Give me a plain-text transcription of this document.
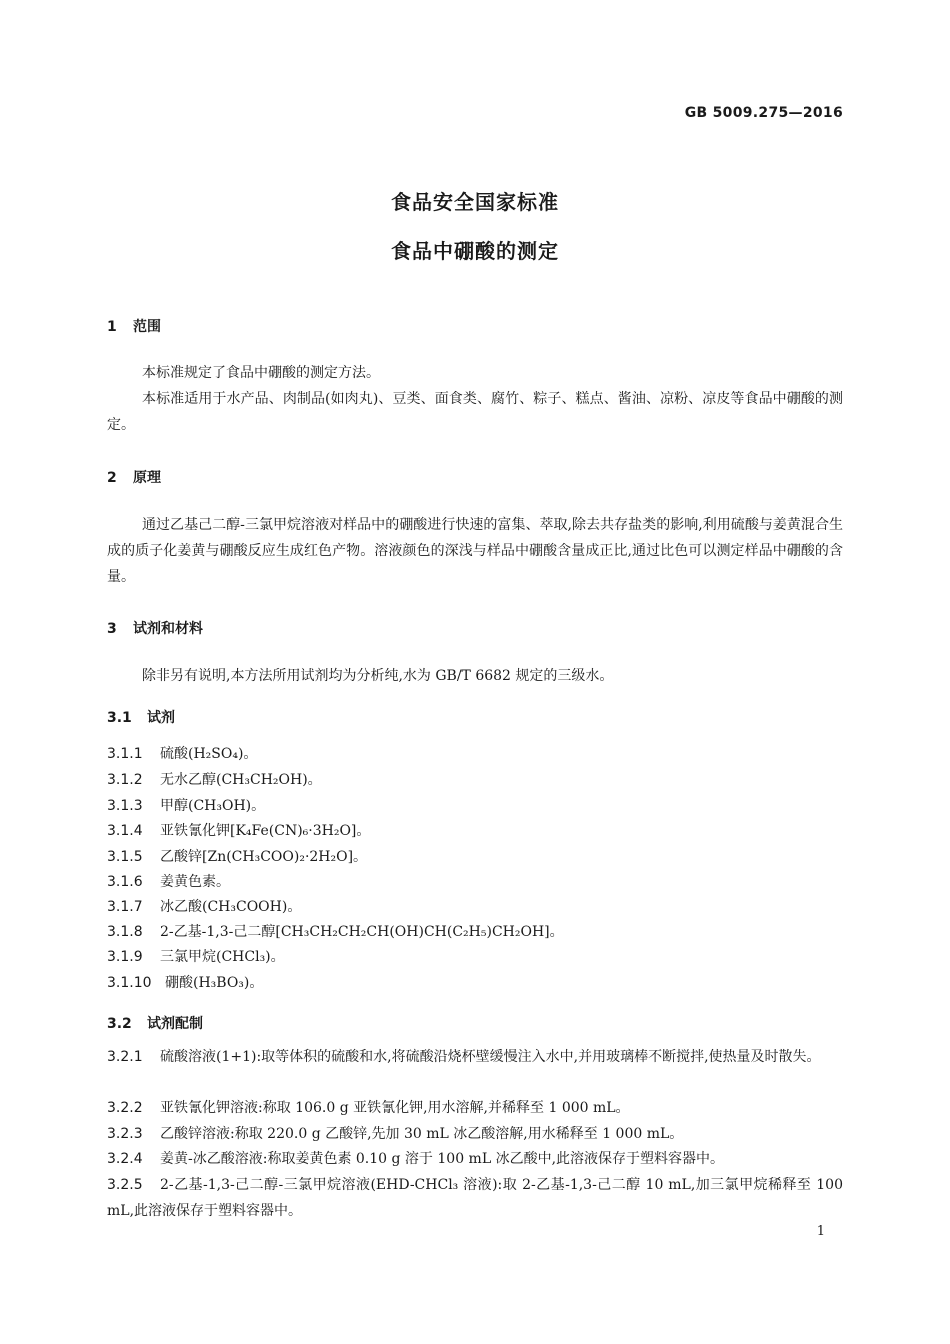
GB 5009.275—2016
食品安全国家标准
食品中硼酸的测定
1 范围
本标准规定了食品中硼酸的测定方法。
本标准适用于水产品、肉制品(如肉丸)、豆类、面食类、腐竹、粽子、糕点、酱油、凉粉、凉皮等食品中硼酸的测定。
2 原理
通过乙基己二醇-三氯甲烷溶液对样品中的硼酸进行快速的富集、萃取,除去共存盐类的影响,利用硫酸与姜黄混合生成的质子化姜黄与硼酸反应生成红色产物。溶液颜色的深浅与样品中硼酸含量成正比,通过比色可以测定样品中硼酸的含量。
3 试剂和材料
除非另有说明,本方法所用试剂均为分析纯,水为 GB/T 6682 规定的三级水。
3.1 试剂
3.1.1 硫酸(H₂SO₄)。
3.1.2 无水乙醇(CH₃CH₂OH)。
3.1.3 甲醇(CH₃OH)。
3.1.4 亚铁氰化钾[K₄Fe(CN)₆·3H₂O]。
3.1.5 乙酸锌[Zn(CH₃COO)₂·2H₂O]。
3.1.6 姜黄色素。
3.1.7 冰乙酸(CH₃COOH)。
3.1.8 2-乙基-1,3-己二醇[CH₃CH₂CH₂CH(OH)CH(C₂H₅)CH₂OH]。
3.1.9 三氯甲烷(CHCl₃)。
3.1.10 硼酸(H₃BO₃)。
3.2 试剂配制
3.2.1 硫酸溶液(1+1):取等体积的硫酸和水,将硫酸沿烧杯壁缓慢注入水中,并用玻璃棒不断搅拌,使热量及时散失。
3.2.2 亚铁氰化钾溶液:称取 106.0 g 亚铁氰化钾,用水溶解,并稀释至 1 000 mL。
3.2.3 乙酸锌溶液:称取 220.0 g 乙酸锌,先加 30 mL 冰乙酸溶解,用水稀释至 1 000 mL。
3.2.4 姜黄-冰乙酸溶液:称取姜黄色素 0.10 g 溶于 100 mL 冰乙酸中,此溶液保存于塑料容器中。
3.2.5 2-乙基-1,3-己二醇-三氯甲烷溶液(EHD-CHCl₃ 溶液):取 2-乙基-1,3-己二醇 10 mL,加三氯甲烷稀释至 100 mL,此溶液保存于塑料容器中。
1
